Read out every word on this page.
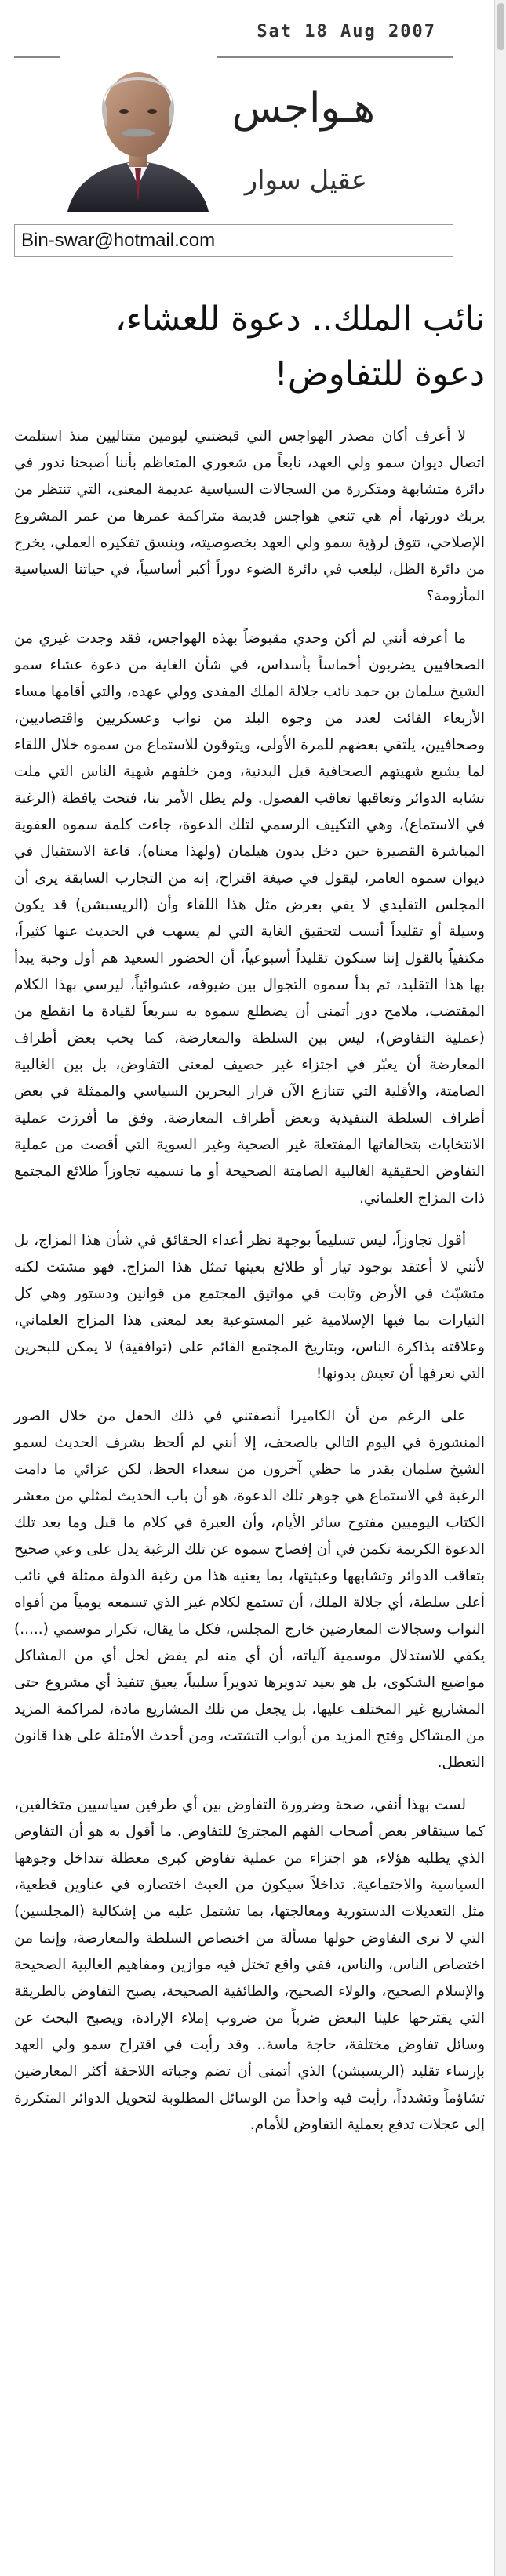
Sat 18 Aug 2007
هـواجس
عقيل سوار
Bin-swar@hotmail.com
نائب الملك.. دعوة للعشاء،
دعوة للتفاوض!

لا أعرف أكان مصدر الهواجس التي قبضتني ليومين متتاليين منذ استلمت اتصال ديوان سمو ولي العهد، نابعاً من شعوري المتعاظم بأننا أصبحنا ندور في دائرة متشابهة ومتكررة من السجالات السياسية عديمة المعنى، التي تنتظر من يربك دورتها، أم هي تنعي هواجس قديمة متراكمة عمرها من عمر المشروع الإصلاحي، تتوق لرؤية سمو ولي العهد بخصوصيته، وبنسق تفكيره العملي، يخرج من دائرة الظل، ليلعب في دائرة الضوء دوراً أكبر أساسياً، في حياتنا السياسية المأزومة؟

ما أعرفه أنني لم أكن وحدي مقبوضاً بهذه الهواجس، فقد وجدت غيري من الصحافيين يضربون أخماساً بأسداس، في شأن الغاية من دعوة عشاء سمو الشيخ سلمان بن حمد نائب جلالة الملك المفدى وولي عهده، والتي أقامها مساء الأربعاء الفائت لعدد من وجوه البلد من نواب وعسكريين واقتصاديين، وصحافيين، يلتقي بعضهم للمرة الأولى، ويتوقون للاستماع من سموه خلال اللقاء لما يشبع شهيتهم الصحافية قبل البدنية، ومن خلفهم شهية الناس التي ملت تشابه الدوائر وتعاقبها تعاقب الفصول. ولم يطل الأمر بنا، فتحت يافطة (الرغبة في الاستماع)، وهي التكييف الرسمي لتلك الدعوة، جاءت كلمة سموه العفوية المباشرة القصيرة حين دخل بدون هيلمان (ولهذا معناه)، قاعة الاستقبال في ديوان سموه العامر، ليقول في صيغة اقتراح، إنه من التجارب السابقة يرى أن المجلس التقليدي لا يفي بغرض مثل هذا اللقاء وأن (الريسبشن) قد يكون وسيلة أو تقليداً أنسب لتحقيق الغاية التي لم يسهب في الحديث عنها كثيراً، مكتفياً بالقول إننا سنكون تقليداً أسبوعياً، أن الحضور السعيد هم أول وجبة يبدأ بها هذا التقليد، ثم بدأ سموه التجوال بين ضيوفه، عشوائياً، ليرسي بهذا الكلام المقتضب، ملامح دور أتمنى أن يضطلع سموه به سريعاً لقيادة ما انقطع من (عملية التفاوض)، ليس بين السلطة والمعارضة، كما يحب بعض أطراف المعارضة أن يعبّر في اجتزاء غير حصيف لمعنى التفاوض، بل بين الغالبية الصامتة، والأقلية التي تتنازع الآن قرار البحرين السياسي والممثلة في بعض أطراف السلطة التنفيذية وبعض أطراف المعارضة. وفق ما أفرزت عملية الانتخابات بتحالفاتها المفتعلة غير الصحية وغير السوية التي أقصت من عملية التفاوض الحقيقية الغالبية الصامتة الصحيحة أو ما نسميه تجاوزاً طلائع المجتمع ذات المزاج العلماني.

أقول تجاوزاً، ليس تسليماً بوجهة نظر أعداء الحقائق في شأن هذا المزاج، بل لأنني لا أعتقد بوجود تيار أو طلائع بعينها تمثل هذا المزاج. فهو مشتت لكنه متشبّث في الأرض وثابت في مواثيق المجتمع من قوانين ودستور وهي كل التيارات بما فيها الإسلامية غير المستوعبة بعد لمعنى هذا المزاج العلماني، وعلاقته بذاكرة الناس، وبتاريخ المجتمع القائم على (توافقية) لا يمكن للبحرين التي نعرفها أن تعيش بدونها!

على الرغم من أن الكاميرا أنصفتني في ذلك الحفل من خلال الصور المنشورة في اليوم التالي بالصحف، إلا أنني لم ألحظ بشرف الحديث لسمو الشيخ سلمان بقدر ما حظي آخرون من سعداء الحظ، لكن عزائي ما دامت الرغبة في الاستماع هي جوهر تلك الدعوة، هو أن باب الحديث لمثلي من معشر الكتاب اليوميين مفتوح سائر الأيام، وأن العبرة في كلام ما قبل وما بعد تلك الدعوة الكريمة تكمن في أن إفصاح سموه عن تلك الرغبة يدل على وعي صحيح بتعاقب الدوائر وتشابهها وعبثيتها، بما يعنيه هذا من رغبة الدولة ممثلة في نائب أعلى سلطة، أي جلالة الملك، أن تستمع لكلام غير الذي تسمعه يومياً من أفواه النواب وسجالات المعارضين خارج المجلس، فكل ما يقال، تكرار موسمي (.....) يكفي للاستدلال موسمية آلياته، أن أي منه لم يفض لحل أي من المشاكل مواضيع الشكوى، بل هو بعيد تدويرها تدويراً سلبياً، يعيق تنفيذ أي مشروع حتى المشاريع غير المختلف عليها، بل يجعل من تلك المشاريع مادة، لمراكمة المزيد من المشاكل وفتح المزيد من أبواب التشتت، ومن أحدث الأمثلة على هذا قانون التعطل.

لست بهذا أنفي، صحة وضرورة التفاوض بين أي طرفين سياسيين متخالفين، كما سيتقافز بعض أصحاب الفهم المجتزئ للتفاوض. ما أقول به هو أن التفاوض الذي يطلبه هؤلاء، هو اجتزاء من عملية تفاوض كبرى معطلة تتداخل وجوهها السياسية والاجتماعية. تداخلاً سيكون من العبث اختصاره في عناوين قطعية، مثل التعديلات الدستورية ومعالجتها، بما تشتمل عليه من إشكالية (المجلسين) التي لا نرى التفاوض حولها مسألة من اختصاص السلطة والمعارضة، وإنما من اختصاص الناس، والناس، ففي واقع تختل فيه موازين ومفاهيم الغالبية الصحيحة والإسلام الصحيح، والولاء الصحيح، والطائفية الصحيحة، يصبح التفاوض بالطريقة التي يقترحها علينا البعض ضرباً من ضروب إملاء الإرادة، ويصبح البحث عن وسائل تفاوض مختلفة، حاجة ماسة.. وقد رأيت في اقتراح سمو ولي العهد بإرساء تقليد (الريسبشن) الذي أتمنى أن تضم وجباته اللاحقة أكثر المعارضين تشاؤماً وتشدداً، رأيت فيه واحداً من الوسائل المطلوبة لتحويل الدوائر المتكررة إلى عجلات تدفع بعملية التفاوض للأمام.
